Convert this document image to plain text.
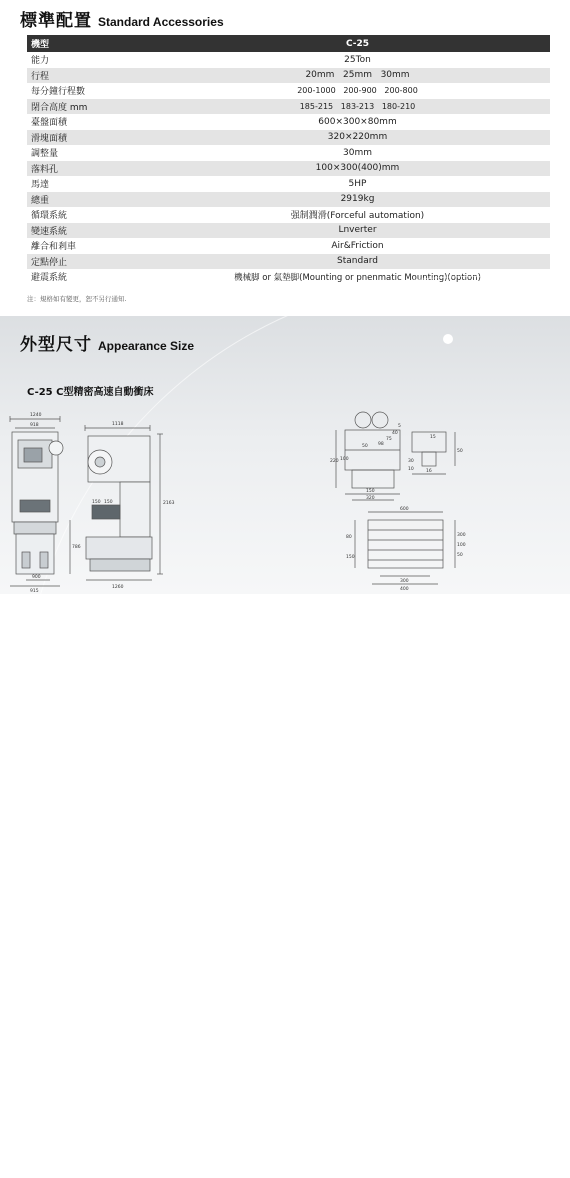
標準配置 Standard Accessories
機型	C-25
能力	25Ton
行程	20mm   25mm   30mm
每分鐘行程數	200-1000   200-900   200-800
閉合高度 mm	185-215   183-213   180-210
臺盤面積	600×300×80mm
滑塊面積	320×220mm
調整量	30mm
落料孔	100×300(400)mm
馬達	5HP
總重	2919kg
循環系統	强制潤滑(Forceful automation)
變速系統	Lnverter
離合和剎車	Air&Friction
定點停止	Standard
避震系統	機械脚 or 氣墊脚(Mounting or pnenmatic Mounting)(option)
注：規格如有變更，恕不另行通知.
外型尺寸 Appearance Size
C-25 C型精密高速自動衝床
1240
918
786
900
915
1118
150 150	2163
1260
50
220 100
150
320
98
75
40
5
15
50
30
10	16
600
80
150
300
100
50
300
400
